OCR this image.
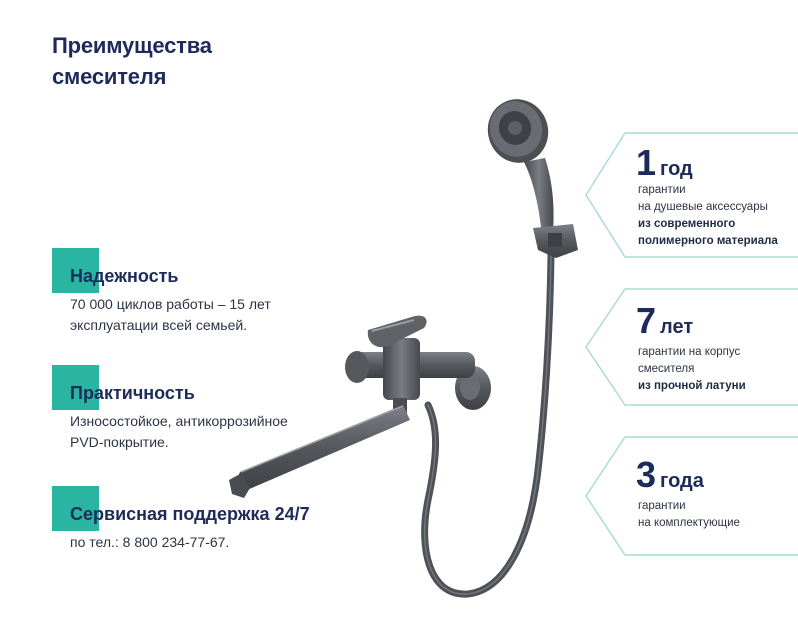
Преимущества
смесителя
Надежность
70 000 циклов работы – 15 лет
эксплуатации всей семьей.
Практичность
Износостойкое, антикоррозийное
PVD-покрытие.
Сервисная поддержка 24/7
по тел.: 8 800 234-77-67.
1 год
гарантии
на душевые аксессуары
из современного
полимерного материала
7 лет
гарантии на корпус
смесителя
из прочной латуни
3 года
гарантии
на комплектующие
